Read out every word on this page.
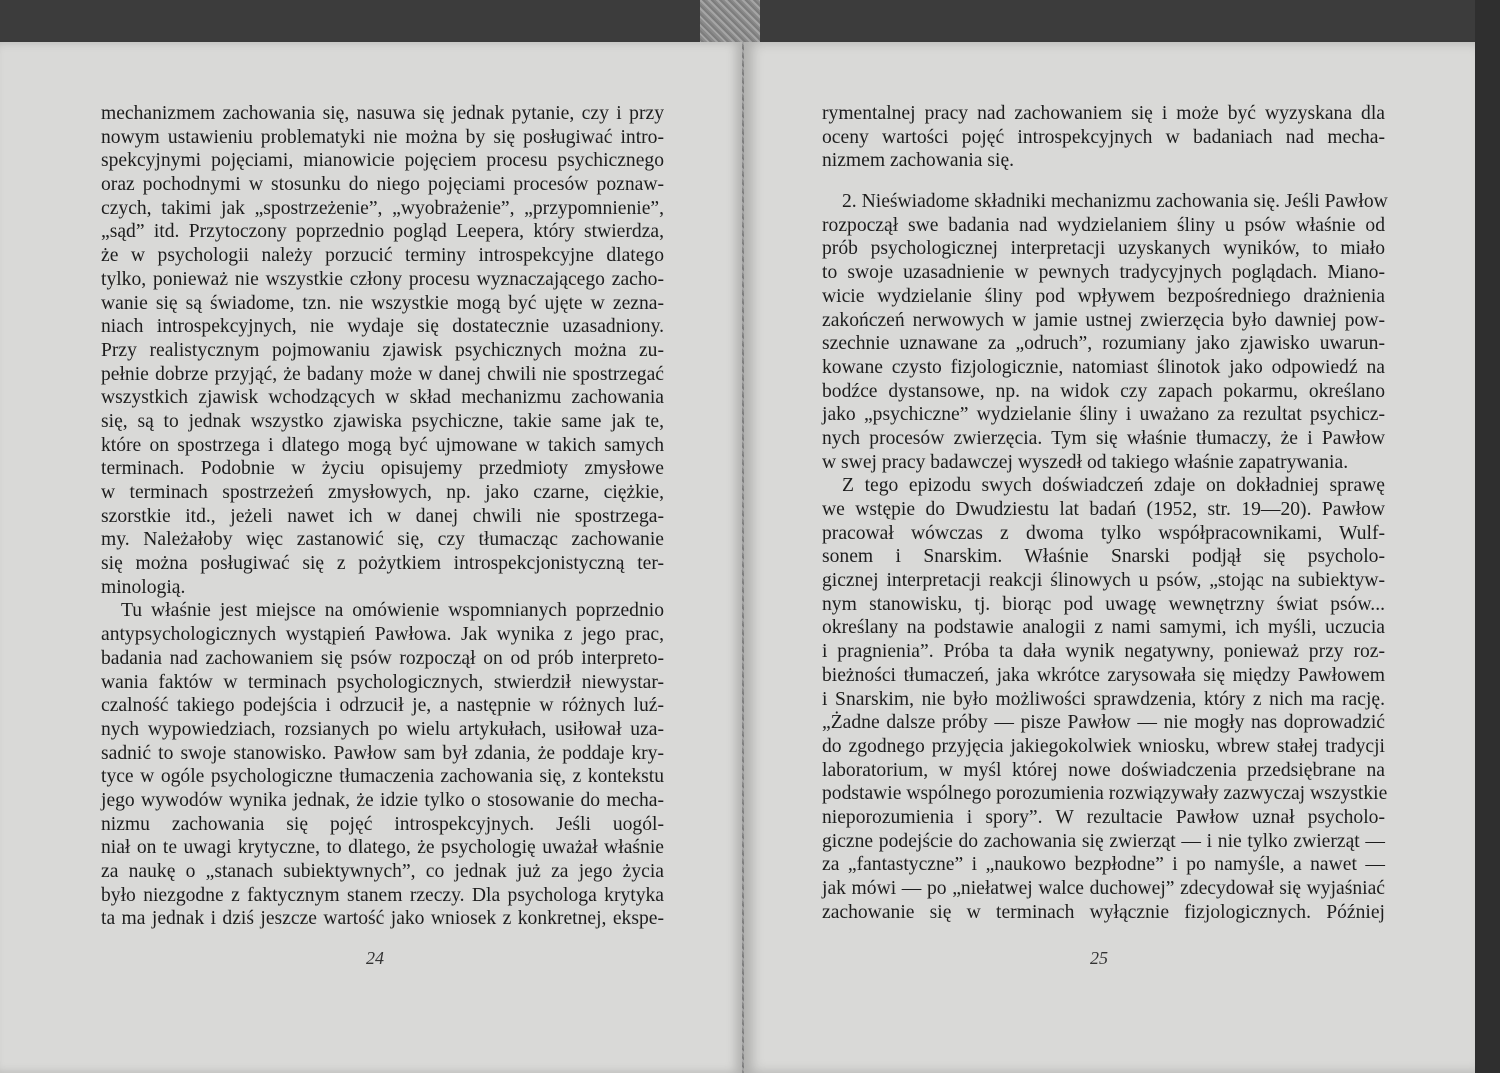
mechanizmem zachowania się, nasuwa się jednak pytanie, czy i przy
nowym ustawieniu problematyki nie można by się posługiwać intro-
spekcyjnymi pojęciami, mianowicie pojęciem procesu psychicznego
oraz pochodnymi w stosunku do niego pojęciami procesów poznaw-
czych, takimi jak „spostrzeżenie”, „wyobrażenie”, „przypomnienie”,
„sąd” itd. Przytoczony poprzednio pogląd Leepera, który stwierdza,
że w psychologii należy porzucić terminy introspekcyjne dlatego
tylko, ponieważ nie wszystkie człony procesu wyznaczającego zacho-
wanie się są świadome, tzn. nie wszystkie mogą być ujęte w zezna-
niach introspekcyjnych, nie wydaje się dostatecznie uzasadniony.
Przy realistycznym pojmowaniu zjawisk psychicznych można zu-
pełnie dobrze przyjąć, że badany może w danej chwili nie spostrzegać
wszystkich zjawisk wchodzących w skład mechanizmu zachowania
się, są to jednak wszystko zjawiska psychiczne, takie same jak te,
które on spostrzega i dlatego mogą być ujmowane w takich samych
terminach. Podobnie w życiu opisujemy przedmioty zmysłowe
w terminach spostrzeżeń zmysłowych, np. jako czarne, ciężkie,
szorstkie itd., jeżeli nawet ich w danej chwili nie spostrzega-
my. Należałoby więc zastanowić się, czy tłumacząc zachowanie
się można posługiwać się z pożytkiem introspekcjonistyczną ter-
minologią.
Tu właśnie jest miejsce na omówienie wspomnianych poprzednio
antypsychologicznych wystąpień Pawłowa. Jak wynika z jego prac,
badania nad zachowaniem się psów rozpoczął on od prób interpreto-
wania faktów w terminach psychologicznych, stwierdził niewystar-
czalność takiego podejścia i odrzucił je, a następnie w różnych luź-
nych wypowiedziach, rozsianych po wielu artykułach, usiłował uza-
sadnić to swoje stanowisko. Pawłow sam był zdania, że poddaje kry-
tyce w ogóle psychologiczne tłumaczenia zachowania się, z kontekstu
jego wywodów wynika jednak, że idzie tylko o stosowanie do mecha-
nizmu zachowania się pojęć introspekcyjnych. Jeśli uogól-
niał on te uwagi krytyczne, to dlatego, że psychologię uważał właśnie
za naukę o „stanach subiektywnych”, co jednak już za jego życia
było niezgodne z faktycznym stanem rzeczy. Dla psychologa krytyka
ta ma jednak i dziś jeszcze wartość jako wniosek z konkretnej, ekspe-
24
rymentalnej pracy nad zachowaniem się i może być wyzyskana dla
oceny wartości pojęć introspekcyjnych w badaniach nad mecha-
nizmem zachowania się.
2. Nieświadome składniki mechanizmu zachowania się. Jeśli Pawłow
rozpoczął swe badania nad wydzielaniem śliny u psów właśnie od
prób psychologicznej interpretacji uzyskanych wyników, to miało
to swoje uzasadnienie w pewnych tradycyjnych poglądach. Miano-
wicie wydzielanie śliny pod wpływem bezpośredniego drażnienia
zakończeń nerwowych w jamie ustnej zwierzęcia było dawniej pow-
szechnie uznawane za „odruch”, rozumiany jako zjawisko uwarun-
kowane czysto fizjologicznie, natomiast ślinotok jako odpowiedź na
bodźce dystansowe, np. na widok czy zapach pokarmu, określano
jako „psychiczne” wydzielanie śliny i uważano za rezultat psychicz-
nych procesów zwierzęcia. Tym się właśnie tłumaczy, że i Pawłow
w swej pracy badawczej wyszedł od takiego właśnie zapatrywania.
Z tego epizodu swych doświadczeń zdaje on dokładniej sprawę
we wstępie do Dwudziestu lat badań (1952, str. 19—20). Pawłow
pracował wówczas z dwoma tylko współpracownikami, Wulf-
sonem i Snarskim. Właśnie Snarski podjął się psycholo-
gicznej interpretacji reakcji ślinowych u psów, „stojąc na subiektyw-
nym stanowisku, tj. biorąc pod uwagę wewnętrzny świat psów...
określany na podstawie analogii z nami samymi, ich myśli, uczucia
i pragnienia”. Próba ta dała wynik negatywny, ponieważ przy roz-
bieżności tłumaczeń, jaka wkrótce zarysowała się między Pawłowem
i Snarskim, nie było możliwości sprawdzenia, który z nich ma rację.
„Żadne dalsze próby — pisze Pawłow — nie mogły nas doprowadzić
do zgodnego przyjęcia jakiegokolwiek wniosku, wbrew stałej tradycji
laboratorium, w myśl której nowe doświadczenia przedsiębrane na
podstawie wspólnego porozumienia rozwiązywały zazwyczaj wszystkie
nieporozumienia i spory”. W rezultacie Pawłow uznał psycholo-
giczne podejście do zachowania się zwierząt — i nie tylko zwierząt —
za „fantastyczne” i „naukowo bezpłodne” i po namyśle, a nawet —
jak mówi — po „niełatwej walce duchowej” zdecydował się wyjaśniać
zachowanie się w terminach wyłącznie fizjologicznych. Później
25
